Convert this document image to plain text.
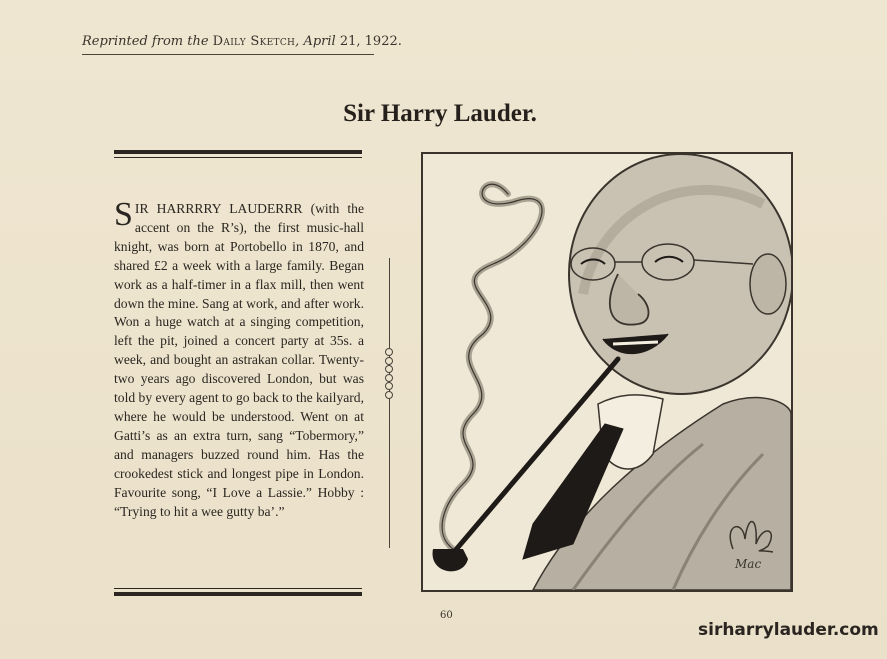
Reprinted from the Daily Sketch, April 21, 1922.
Sir Harry Lauder.
S IR HARRRRY LAUDERRR (with the accent on the R’s), the first music-hall knight, was born at Portobello in 1870, and shared £2 a week with a large family. Began work as a half-timer in a flax mill, then went down the mine. Sang at work, and after work. Won a huge watch at a singing competition, left the pit, joined a concert party at 35s. a week, and bought an astrakan collar. Twenty-two years ago discovered London, but was told by every agent to go back to the kailyard, where he would be understood. Went on at Gatti’s as an extra turn, sang “Tobermory,” and managers buzzed round him. Has the crookedest stick and longest pipe in London. Favourite song, “I Love a Lassie.” Hobby : “Trying to hit a wee gutty ba’.”
Mac
60
sirharrylauder.com
